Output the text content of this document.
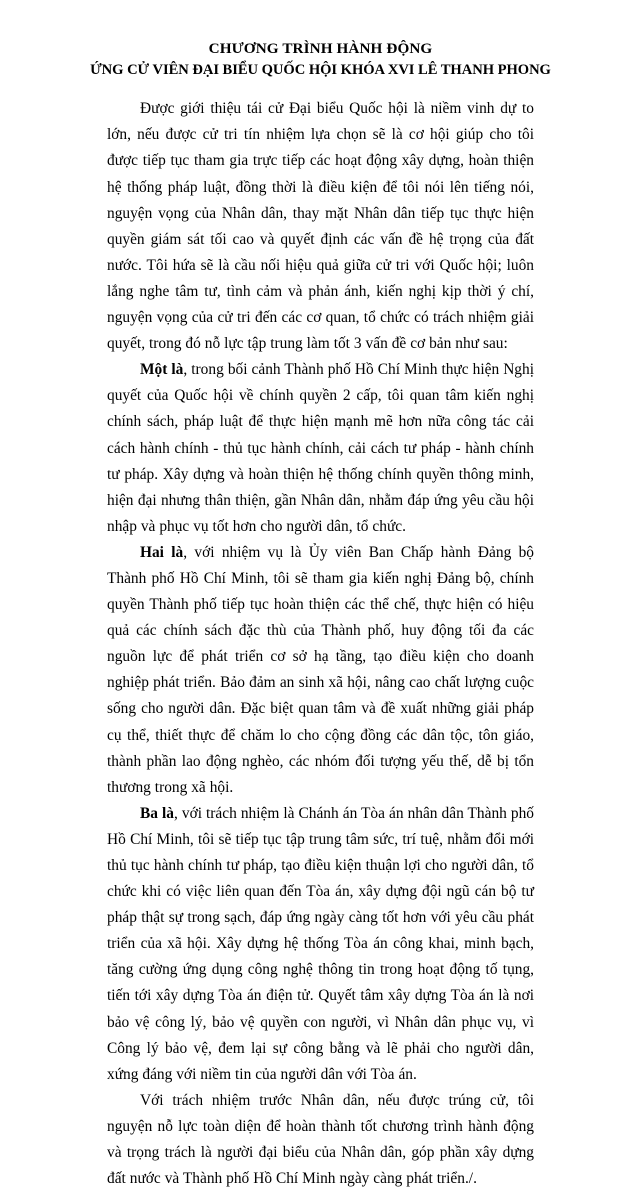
CHƯƠNG TRÌNH HÀNH ĐỘNG
ỨNG CỬ VIÊN ĐẠI BIỂU QUỐC HỘI KHÓA XVI LÊ THANH PHONG

Được giới thiệu tái cử Đại biểu Quốc hội là niềm vinh dự to lớn, nếu được cử tri tín nhiệm lựa chọn sẽ là cơ hội giúp cho tôi được tiếp tục tham gia trực tiếp các hoạt động xây dựng, hoàn thiện hệ thống pháp luật, đồng thời là điều kiện để tôi nói lên tiếng nói, nguyện vọng của Nhân dân, thay mặt Nhân dân tiếp tục thực hiện quyền giám sát tối cao và quyết định các vấn đề hệ trọng của đất nước. Tôi hứa sẽ là cầu nối hiệu quả giữa cử tri với Quốc hội; luôn lắng nghe tâm tư, tình cảm và phản ánh, kiến nghị kịp thời ý chí, nguyện vọng của cử tri đến các cơ quan, tổ chức có trách nhiệm giải quyết, trong đó nỗ lực tập trung làm tốt 3 vấn đề cơ bản như sau:

Một là, trong bối cảnh Thành phố Hồ Chí Minh thực hiện Nghị quyết của Quốc hội về chính quyền 2 cấp, tôi quan tâm kiến nghị chính sách, pháp luật để thực hiện mạnh mẽ hơn nữa công tác cải cách hành chính - thủ tục hành chính, cải cách tư pháp - hành chính tư pháp. Xây dựng và hoàn thiện hệ thống chính quyền thông minh, hiện đại nhưng thân thiện, gần Nhân dân, nhằm đáp ứng yêu cầu hội nhập và phục vụ tốt hơn cho người dân, tổ chức.

Hai là, với nhiệm vụ là Ủy viên Ban Chấp hành Đảng bộ Thành phố Hồ Chí Minh, tôi sẽ tham gia kiến nghị Đảng bộ, chính quyền Thành phố tiếp tục hoàn thiện các thể chế, thực hiện có hiệu quả các chính sách đặc thù của Thành phố, huy động tối đa các nguồn lực để phát triển cơ sở hạ tầng, tạo điều kiện cho doanh nghiệp phát triển. Bảo đảm an sinh xã hội, nâng cao chất lượng cuộc sống cho người dân. Đặc biệt quan tâm và đề xuất những giải pháp cụ thể, thiết thực để chăm lo cho cộng đồng các dân tộc, tôn giáo, thành phần lao động nghèo, các nhóm đối tượng yếu thế, dễ bị tổn thương trong xã hội.

Ba là, với trách nhiệm là Chánh án Tòa án nhân dân Thành phố Hồ Chí Minh, tôi sẽ tiếp tục tập trung tâm sức, trí tuệ, nhằm đổi mới thủ tục hành chính tư pháp, tạo điều kiện thuận lợi cho người dân, tổ chức khi có việc liên quan đến Tòa án, xây dựng đội ngũ cán bộ tư pháp thật sự trong sạch, đáp ứng ngày càng tốt hơn với yêu cầu phát triển của xã hội. Xây dựng hệ thống Tòa án công khai, minh bạch, tăng cường ứng dụng công nghệ thông tin trong hoạt động tố tụng, tiến tới xây dựng Tòa án điện tử. Quyết tâm xây dựng Tòa án là nơi bảo vệ công lý, bảo vệ quyền con người, vì Nhân dân phục vụ, vì Công lý bảo vệ, đem lại sự công bằng và lẽ phải cho người dân, xứng đáng với niềm tin của người dân với Tòa án.

Với trách nhiệm trước Nhân dân, nếu được trúng cử, tôi nguyện nỗ lực toàn diện để hoàn thành tốt chương trình hành động và trọng trách là người đại biểu của Nhân dân, góp phần xây dựng đất nước và Thành phố Hồ Chí Minh ngày càng phát triển./.
